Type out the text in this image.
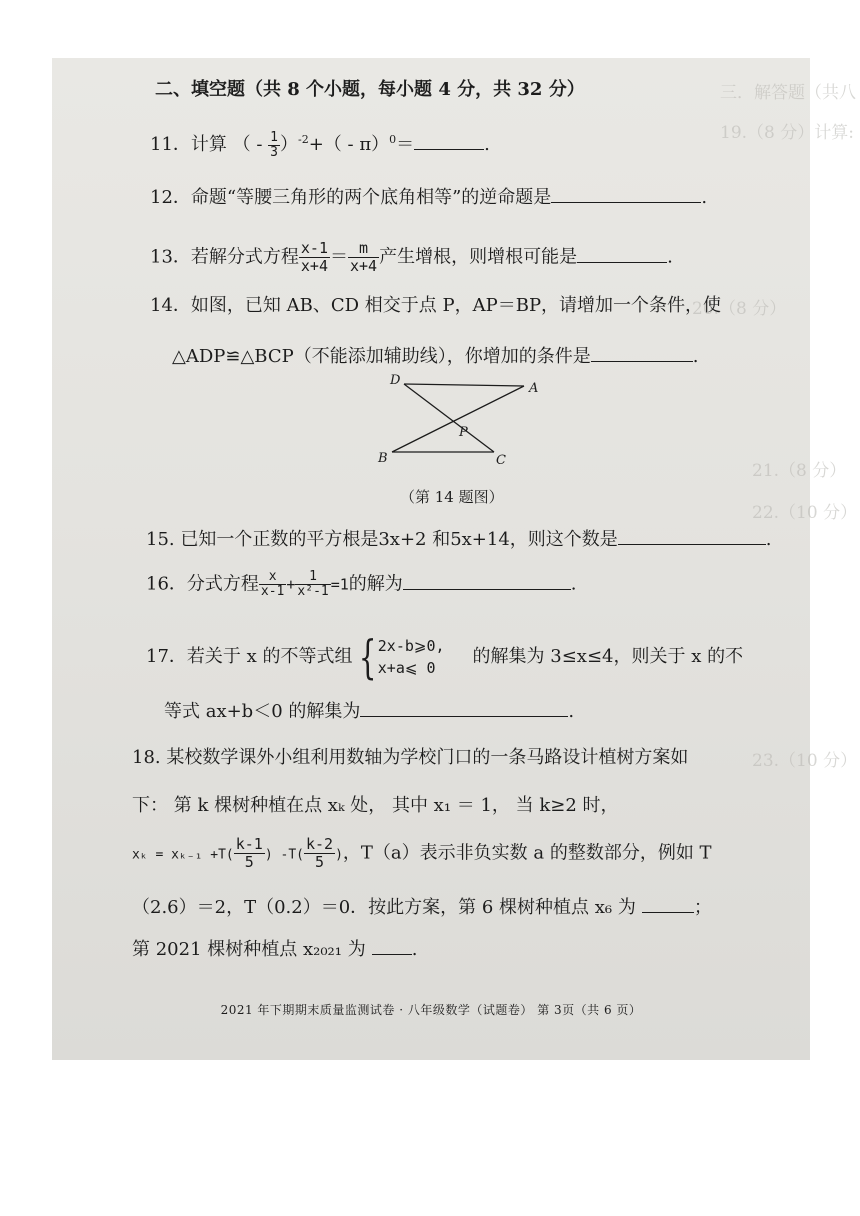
三．解答题（共八
19.（8 分）计算:
20.（8 分）
21.（8 分）
22.（10 分）
23.（10 分）
二、填空题（共 8 个小题，每小题 4 分，共 32 分）
11．计算 （ - $\frac{1}{3} )^{-2}+( - \pi)^0=$	.
12．命题“等腰三角形的两个底角相等”的逆命题是	.
13．若解分式方程 $\frac{x-1}{x+4} = \frac{m}{x+4}$ 产生增根，则增根可能是	.
14．如图，已知 AB、CD 相交于点 P，AP＝BP，请增加一个条件，使
△ADP≌△BCP（不能添加辅助线），你增加的条件是	.
D
A
P
B	C
（第 14 题图）
15. 已知一个正数的平方根是3x+2 和5x+14，则这个数是	.
16．分式方程 $\frac{x}{x-1} + \frac{1}{\text{x²-1}} =1$的解为	.
17．若关于 x 的不等式组 { 2x-b⩾0,
x+a⩽ 0
的解集为 3≤x≤4，则关于 x 的不
等式 ax+b＜0 的解集为	.
18. 某校数学课外小组利用数轴为学校门口的一条马路设计植树方案如
下： 第 k 棵树种植在点 xₖ 处， 其中 x₁ ＝ 1， 当 k≥2 时，
$x_k = x_{k-1} +T( \frac{k-1}{5}$ ) $-T( \frac{k-2}{5}$ )，T（a）表示非负实数 a 的整数部分，例如 T
（2.6）＝2，T（0.2）＝0．按此方案，第 6 棵树种植点 x₆ 为	；
第 2021 棵树种植点 x₂₀₂₁ 为	.
2021 年下期期末质量监测试卷 · 八年级数学（试题卷） 第 3页（共 6 页）
